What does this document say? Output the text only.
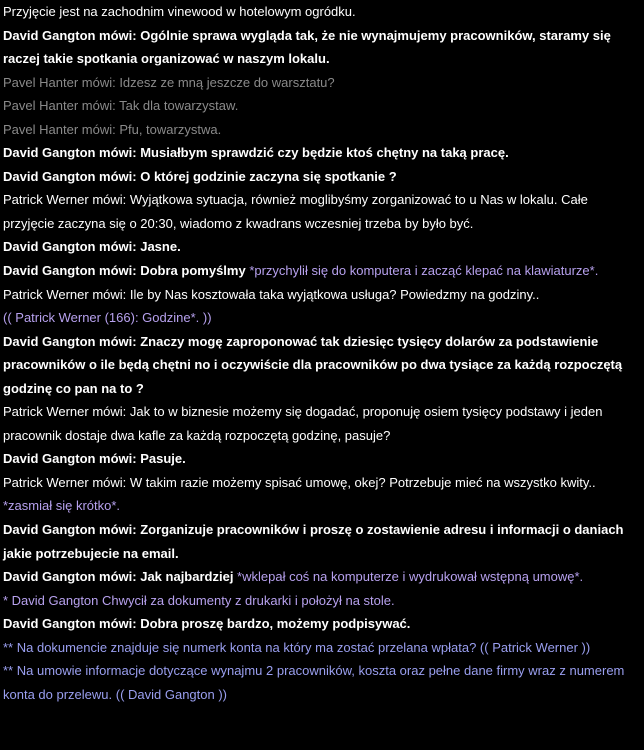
Przyjęcie jest na zachodnim vinewood w hotelowym ogródku.

David Gangton mówi: Ogólnie sprawa wygląda tak, że nie wynajmujemy pracowników, staramy się raczej takie spotkania organizować w naszym lokalu.

Pavel Hanter mówi: Idzesz ze mną jeszcze do warsztatu?

Pavel Hanter mówi: Tak dla towarzystaw.

Pavel Hanter mówi: Pfu, towarzystwa.

David Gangton mówi: Musiałbym sprawdzić czy będzie ktoś chętny na taką pracę.

David Gangton mówi: O której godzinie zaczyna się spotkanie ?

Patrick Werner mówi: Wyjątkowa sytuacja, również moglibyśmy zorganizować to u Nas w lokalu. Całe przyjęcie zaczyna się o 20:30, wiadomo z kwadrans wczesniej trzeba by było być.

David Gangton mówi: Jasne.

David Gangton mówi: Dobra pomyślmy *przychylił się do komputera i zacząć klepać na klawiaturze*.

Patrick Werner mówi: Ile by Nas kosztowała taka wyjątkowa usługa? Powiedzmy na godziny..

(( Patrick Werner (166): Godzine*. ))

David Gangton mówi: Znaczy mogę zaproponować tak dziesięc tysięcy dolarów za podstawienie pracowników o ile będą chętni no i oczywiście dla pracowników po dwa tysiące za każdą rozpoczętą godzinę co pan na to ?

Patrick Werner mówi: Jak to w biznesie możemy się dogadać, proponuję osiem tysięcy podstawy i jeden pracownik dostaje dwa kafle za każdą rozpoczętą godzinę, pasuje?

David Gangton mówi: Pasuje.

Patrick Werner mówi: W takim razie możemy spisać umowę, okej? Potrzebuje mieć na wszystko kwity.. *zasmiał się krótko*.

David Gangton mówi: Zorganizuje pracowników i proszę o zostawienie adresu i informacji o daniach jakie potrzebujecie na email.

David Gangton mówi: Jak najbardziej *wklepał coś na komputerze i wydrukował wstępną umowę*.

* David Gangton Chwycił za dokumenty z drukarki i położył na stole.

David Gangton mówi: Dobra proszę bardzo, możemy podpisywać.

** Na dokumencie znajduje się numerk konta na który ma zostać przelana wpłata? (( Patrick Werner ))

** Na umowie informacje dotyczące wynajmu 2 pracowników, koszta oraz pełne dane firmy wraz z numerem konta do przelewu. (( David Gangton ))
